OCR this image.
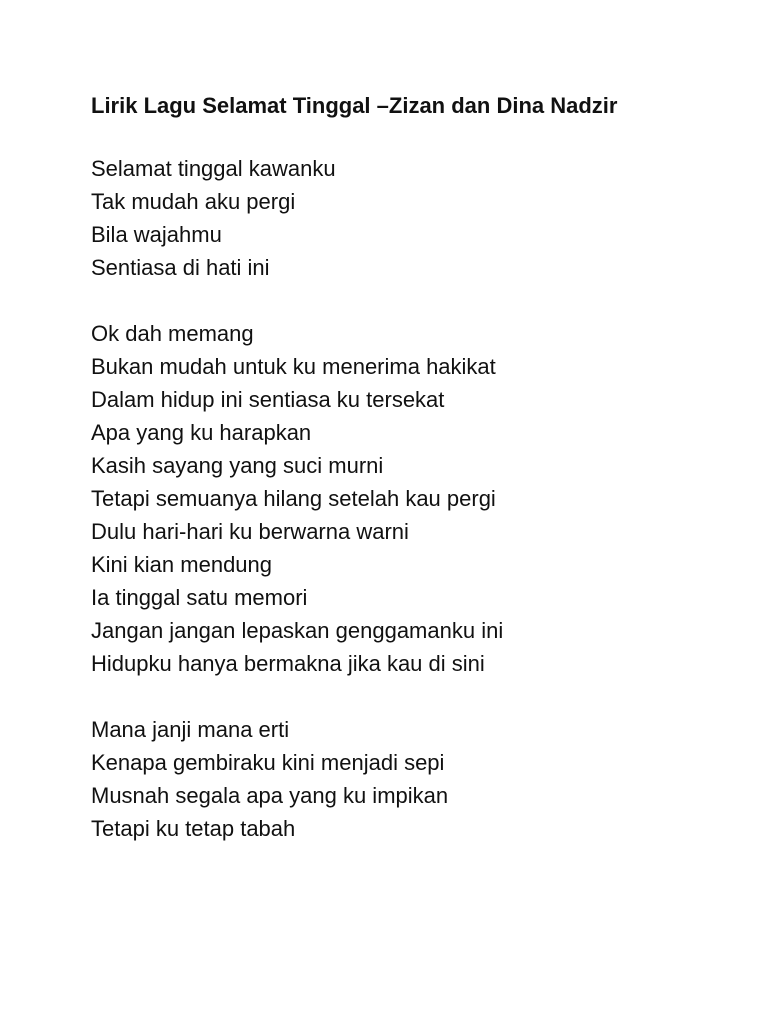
Lirik Lagu Selamat Tinggal –Zizan dan Dina Nadzir
Selamat tinggal kawanku
Tak mudah aku pergi
Bila wajahmu
Sentiasa di hati ini
Ok dah memang
Bukan mudah untuk ku menerima hakikat
Dalam hidup ini sentiasa ku tersekat
Apa yang ku harapkan
Kasih sayang yang suci murni
Tetapi semuanya hilang setelah kau pergi
Dulu hari-hari ku berwarna warni
Kini kian mendung
Ia tinggal satu memori
Jangan jangan lepaskan genggamanku ini
Hidupku hanya bermakna jika kau di sini
Mana janji mana erti
Kenapa gembiraku kini menjadi sepi
Musnah segala apa yang ku impikan
Tetapi ku tetap tabah
